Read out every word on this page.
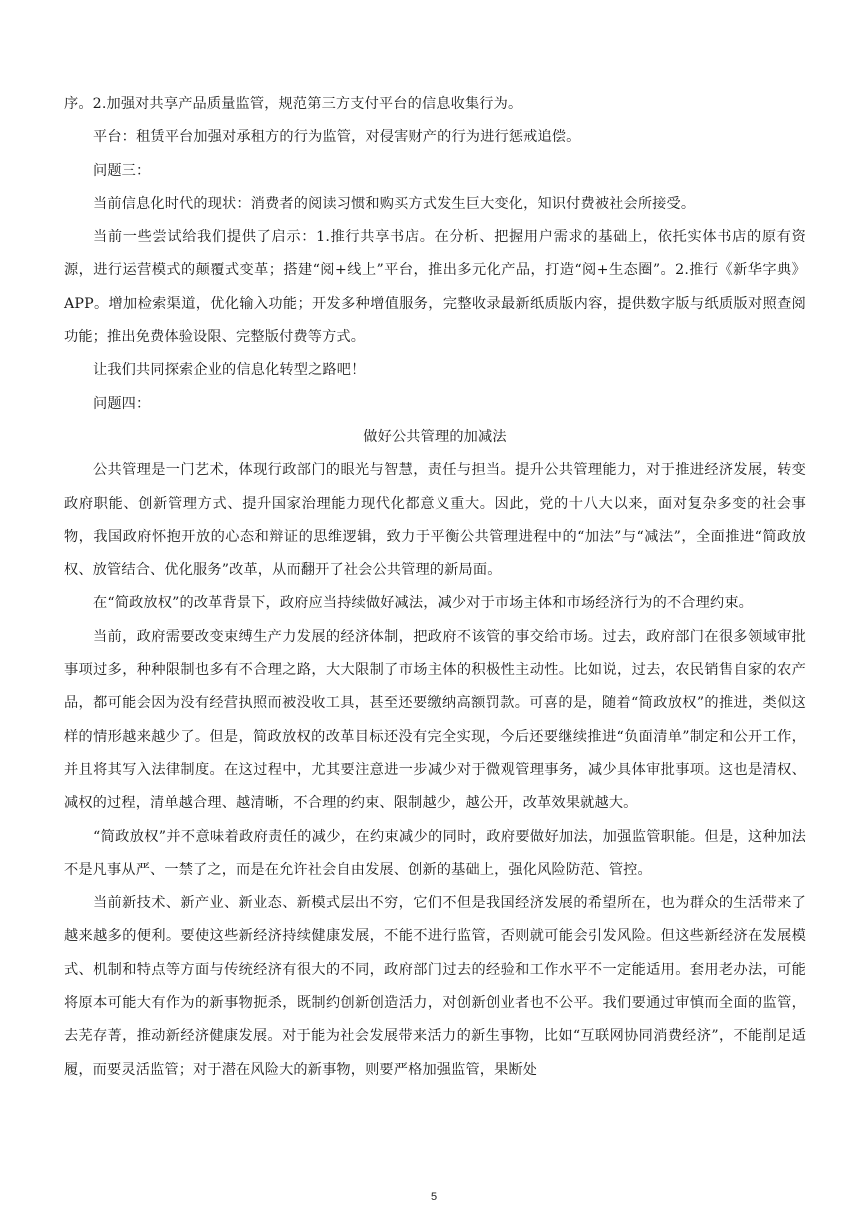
序。2.加强对共享产品质量监管，规范第三方支付平台的信息收集行为。

平台：租赁平台加强对承租方的行为监管，对侵害财产的行为进行惩戒追偿。

问题三：

当前信息化时代的现状：消费者的阅读习惯和购买方式发生巨大变化，知识付费被社会所接受。

当前一些尝试给我们提供了启示：1.推行共享书店。在分析、把握用户需求的基础上，依托实体书店的原有资源，进行运营模式的颠覆式变革；搭建“阅+线上”平台，推出多元化产品，打造“阅+生态圈”。2.推行《新华字典》APP。增加检索渠道，优化输入功能；开发多种增值服务，完整收录最新纸质版内容，提供数字版与纸质版对照查阅功能；推出免费体验设限、完整版付费等方式。

让我们共同探索企业的信息化转型之路吧！

问题四：

做好公共管理的加减法

公共管理是一门艺术，体现行政部门的眼光与智慧，责任与担当。提升公共管理能力，对于推进经济发展，转变政府职能、创新管理方式、提升国家治理能力现代化都意义重大。因此，党的十八大以来，面对复杂多变的社会事物，我国政府怀抱开放的心态和辩证的思维逻辑，致力于平衡公共管理进程中的“加法”与“减法”，全面推进“简政放权、放管结合、优化服务”改革，从而翻开了社会公共管理的新局面。

在“简政放权”的改革背景下，政府应当持续做好减法，减少对于市场主体和市场经济行为的不合理约束。

当前，政府需要改变束缚生产力发展的经济体制，把政府不该管的事交给市场。过去，政府部门在很多领域审批事项过多，种种限制也多有不合理之路，大大限制了市场主体的积极性主动性。比如说，过去，农民销售自家的农产品，都可能会因为没有经营执照而被没收工具，甚至还要缴纳高额罚款。可喜的是，随着“简政放权”的推进，类似这样的情形越来越少了。但是，简政放权的改革目标还没有完全实现，今后还要继续推进“负面清单”制定和公开工作，并且将其写入法律制度。在这过程中，尤其要注意进一步减少对于微观管理事务，减少具体审批事项。这也是清权、减权的过程，清单越合理、越清晰，不合理的约束、限制越少，越公开，改革效果就越大。

“简政放权”并不意味着政府责任的减少，在约束减少的同时，政府要做好加法，加强监管职能。但是，这种加法不是凡事从严、一禁了之，而是在允许社会自由发展、创新的基础上，强化风险防范、管控。

当前新技术、新产业、新业态、新模式层出不穷，它们不但是我国经济发展的希望所在，也为群众的生活带来了越来越多的便利。要使这些新经济持续健康发展，不能不进行监管，否则就可能会引发风险。但这些新经济在发展模式、机制和特点等方面与传统经济有很大的不同，政府部门过去的经验和工作水平不一定能适用。套用老办法，可能将原本可能大有作为的新事物扼杀，既制约创新创造活力，对创新创业者也不公平。我们要通过审慎而全面的监管，去芜存菁，推动新经济健康发展。对于能为社会发展带来活力的新生事物，比如“互联网协同消费经济”，不能削足适履，而要灵活监管；对于潜在风险大的新事物，则要严格加强监管，果断处

5
